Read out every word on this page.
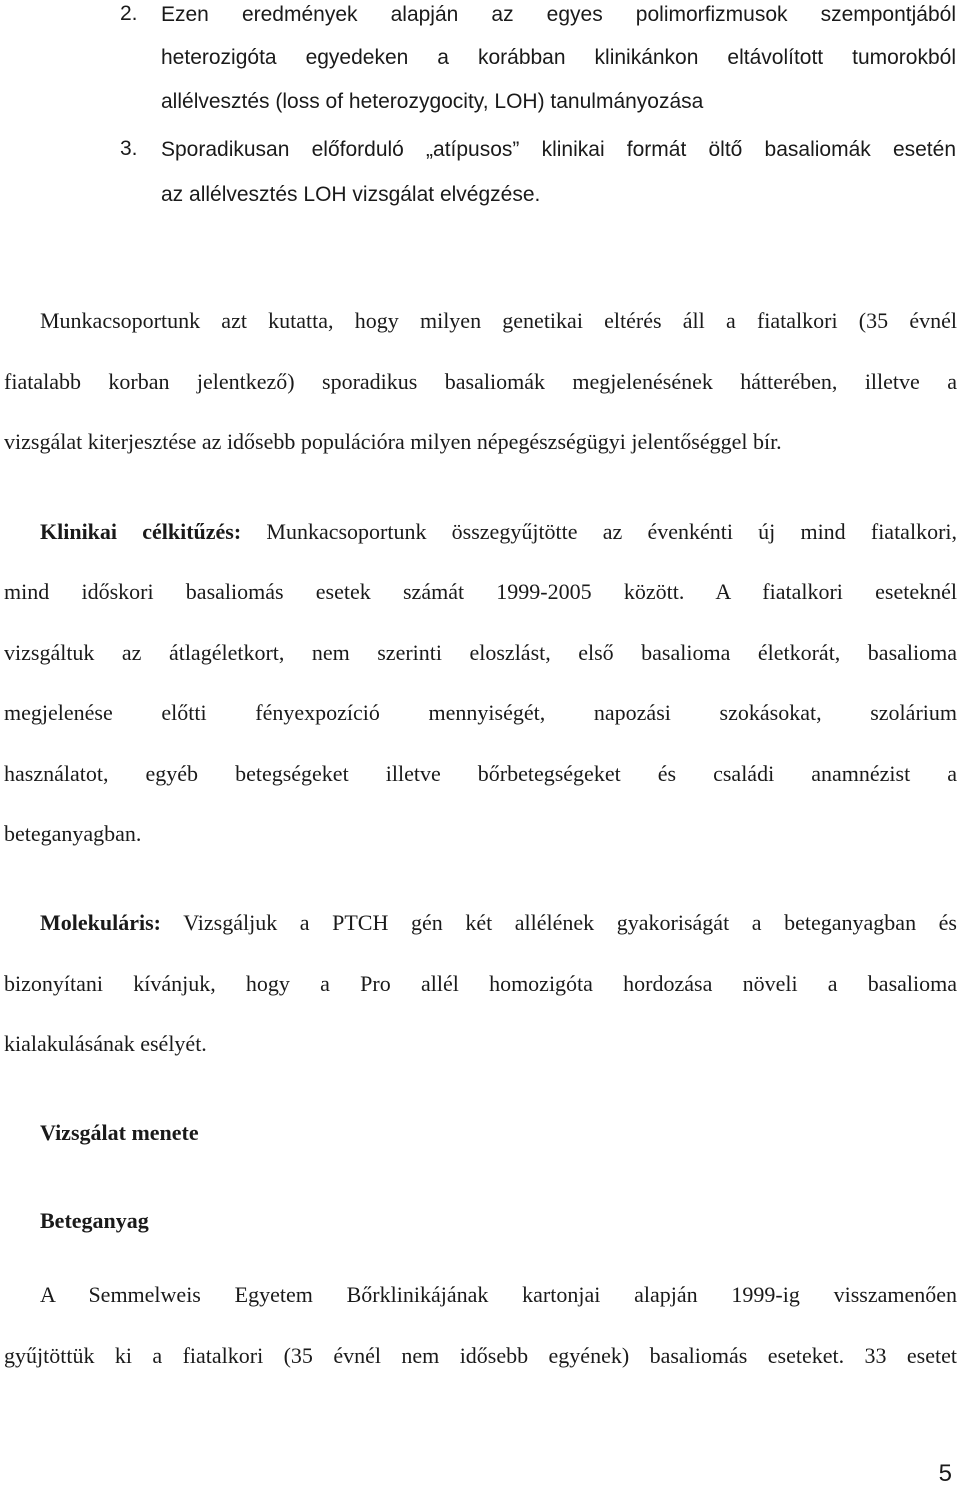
2.	Ezen eredmények alapján az egyes polimorfizmusok szempontjából
heterozigóta egyedeken a korábban klinikánkon eltávolított tumorokból
allélvesztés (loss of heterozygocity, LOH) tanulmányozása
3.	Sporadikusan előforduló „atípusos” klinikai formát öltő basaliomák esetén
az allélvesztés LOH vizsgálat elvégzése.
Munkacsoportunk azt kutatta, hogy milyen genetikai eltérés áll a fiatalkori (35 évnél
fiatalabb korban jelentkező) sporadikus basaliomák megjelenésének hátterében, illetve a
vizsgálat kiterjesztése az idősebb populációra milyen népegészségügyi jelentőséggel bír.
Klinikai célkitűzés: Munkacsoportunk összegyűjtötte az évenkénti új mind fiatalkori,
mind időskori basaliomás esetek számát 1999-2005 között. A fiatalkori eseteknél
vizsgáltuk az átlagéletkort, nem szerinti eloszlást, első basalioma életkorát, basalioma
megjelenése előtti fényexpozíció mennyiségét, napozási szokásokat, szolárium
használatot, egyéb betegségeket illetve bőrbetegségeket és családi anamnézist a
beteganyagban.
Molekuláris: Vizsgáljuk a PTCH gén két allélének gyakoriságát a beteganyagban és
bizonyítani kívánjuk, hogy a Pro allél homozigóta hordozása növeli a basalioma
kialakulásának esélyét.
Vizsgálat menete
Beteganyag
A Semmelweis Egyetem Bőrklinikájának kartonjai alapján 1999-ig visszamenően
gyűjtöttük ki a fiatalkori (35 évnél nem idősebb egyének) basaliomás eseteket. 33 esetet
5
